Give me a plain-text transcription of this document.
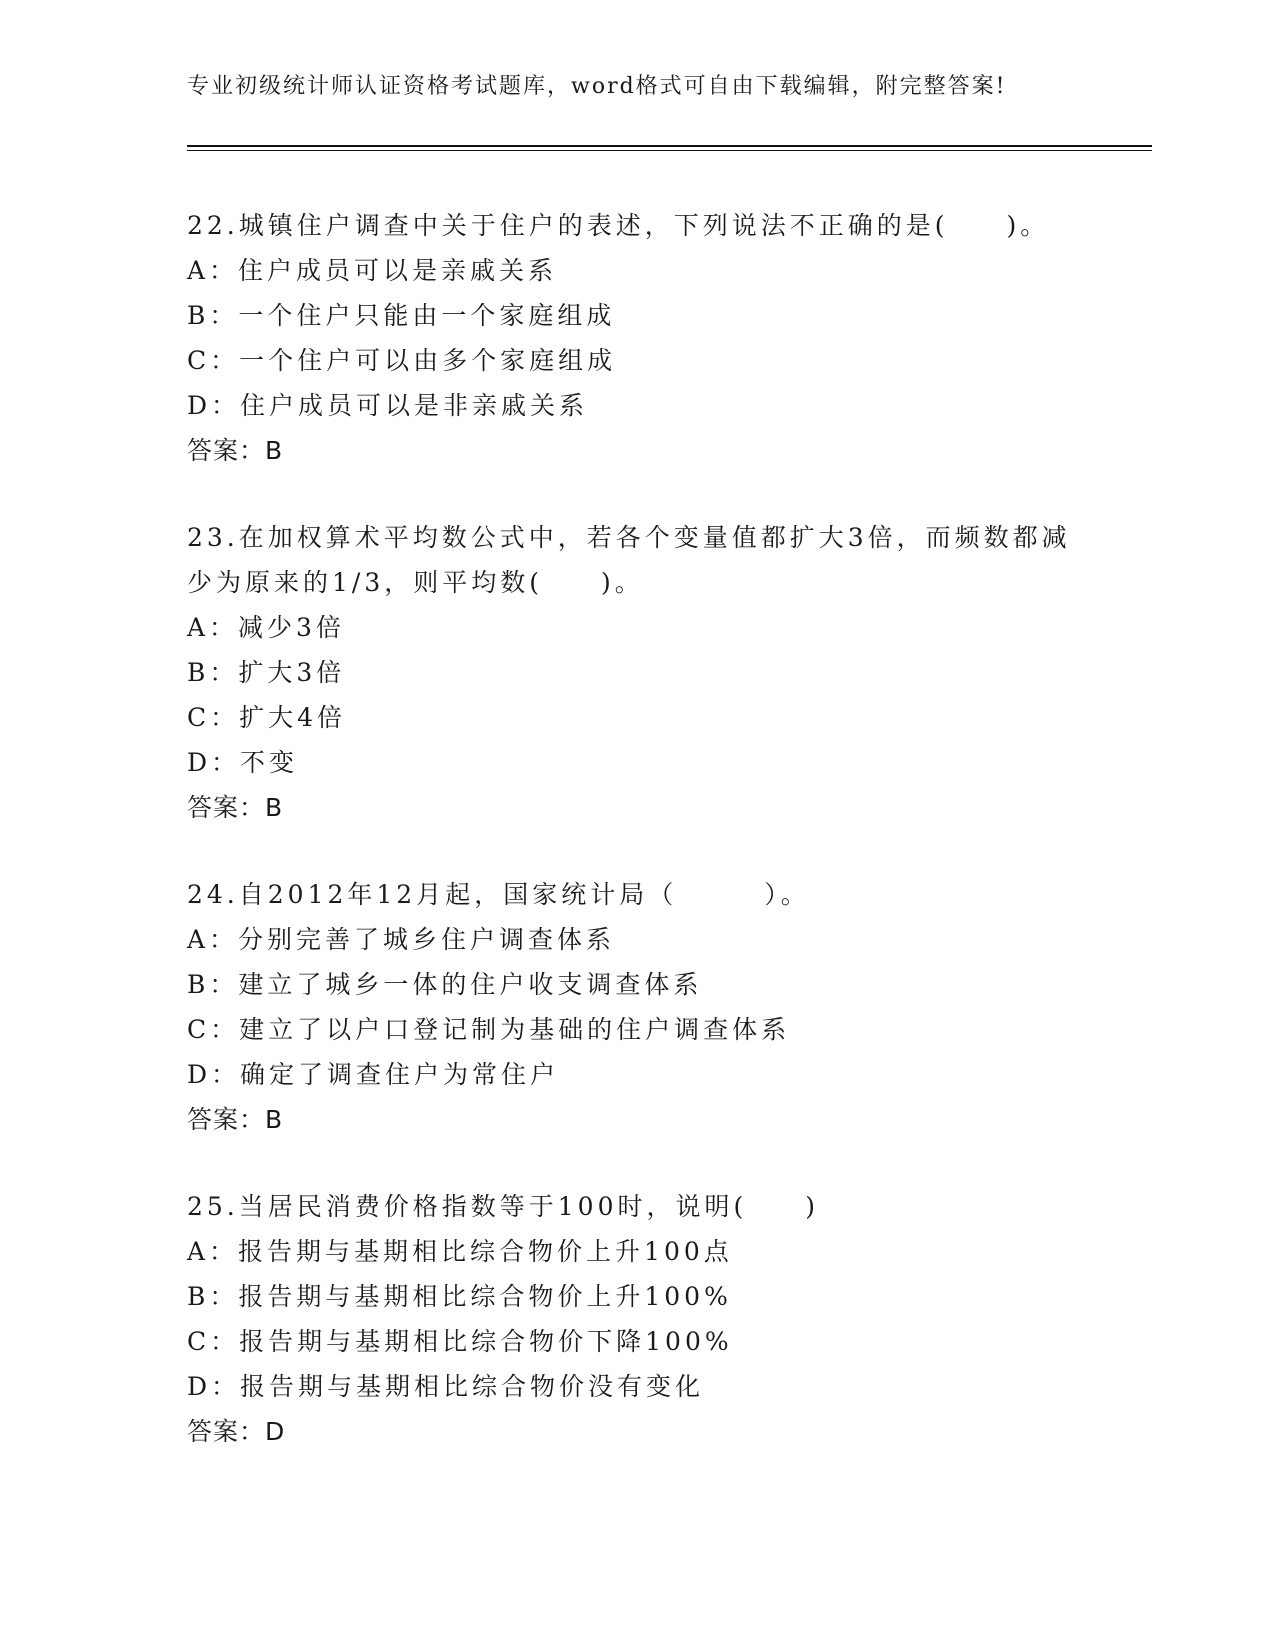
专业初级统计师认证资格考试题库，word格式可自由下载编辑，附完整答案!

22.城镇住户调查中关于住户的表述，下列说法不正确的是(　　)。

A：住户成员可以是亲戚关系

B：一个住户只能由一个家庭组成

C：一个住户可以由多个家庭组成

D：住户成员可以是非亲戚关系

答案：B

23.在加权算术平均数公式中，若各个变量值都扩大3倍，而频数都减

少为原来的1/3，则平均数(　　)。

A：减少3倍

B：扩大3倍

C：扩大4倍

D：不变

答案：B

24.自2012年12月起，国家统计局（　　　）。

A：分别完善了城乡住户调查体系

B：建立了城乡一体的住户收支调查体系

C：建立了以户口登记制为基础的住户调查体系

D：确定了调查住户为常住户

答案：B

25.当居民消费价格指数等于100时，说明(　　)

A：报告期与基期相比综合物价上升100点

B：报告期与基期相比综合物价上升100%

C：报告期与基期相比综合物价下降100%

D：报告期与基期相比综合物价没有变化

答案：D
